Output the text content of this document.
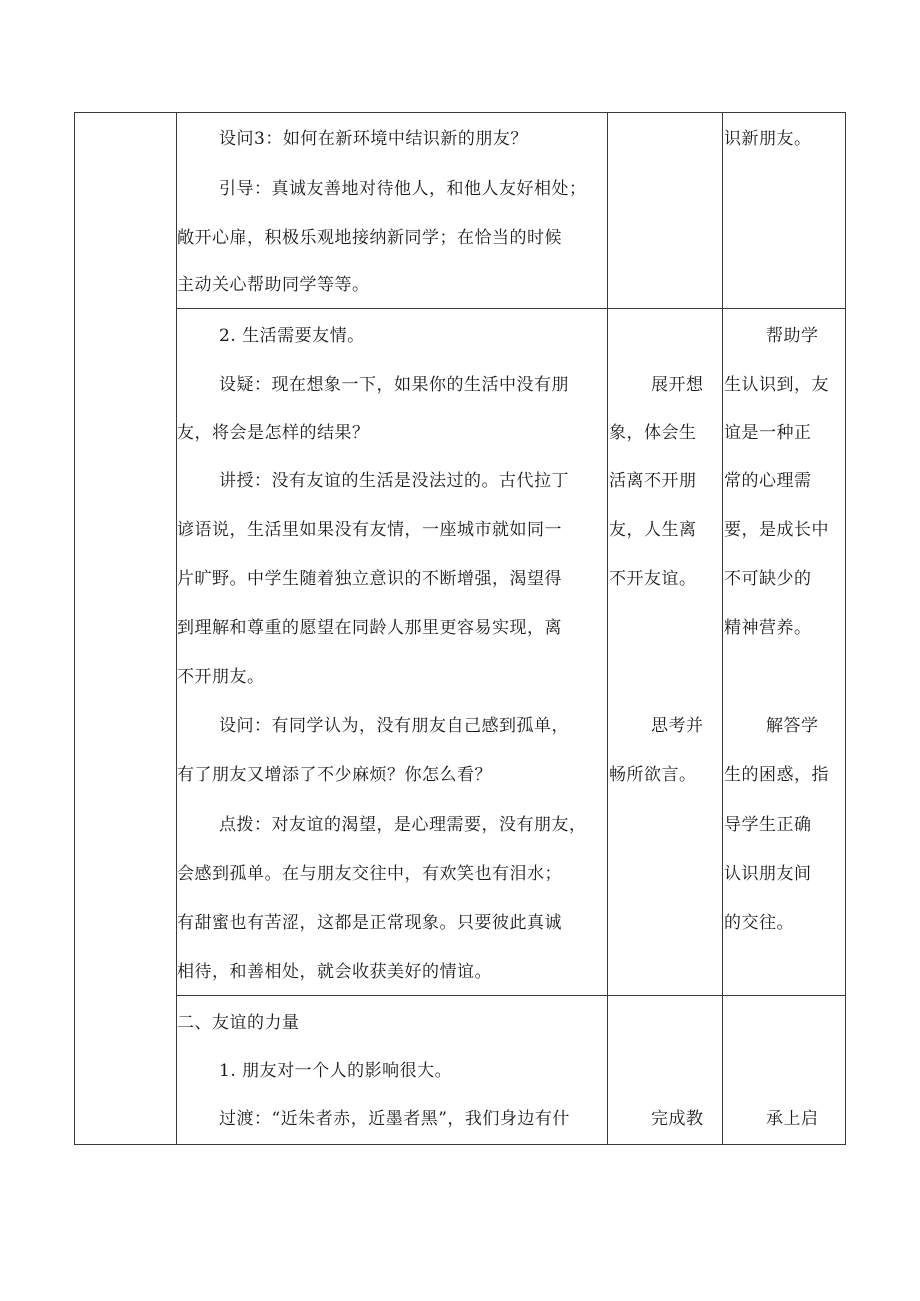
设问3：如何在新环境中结识新的朋友？
引导：真诚友善地对待他人，和他人友好相处；
敞开心扉，积极乐观地接纳新同学；在恰当的时候
主动关心帮助同学等等。
识新朋友。
2. 生活需要友情。
设疑：现在想象一下，如果你的生活中没有朋
友，将会是怎样的结果？
讲授：没有友谊的生活是没法过的。古代拉丁
谚语说，生活里如果没有友情，一座城市就如同一
片旷野。中学生随着独立意识的不断增强，渴望得
到理解和尊重的愿望在同龄人那里更容易实现，离
不开朋友。
设问：有同学认为，没有朋友自己感到孤单，
有了朋友又增添了不少麻烦？你怎么看？
点拨：对友谊的渴望，是心理需要，没有朋友，
会感到孤单。在与朋友交往中，有欢笑也有泪水；
有甜蜜也有苦涩，这都是正常现象。只要彼此真诚
相待，和善相处，就会收获美好的情谊。
展开想
象，体会生
活离不开朋
友，人生离
不开友谊。
思考并
畅所欲言。
帮助学
生认识到，友
谊是一种正
常的心理需
要，是成长中
不可缺少的
精神营养。
解答学
生的困惑，指
导学生正确
认识朋友间
的交往。
二、友谊的力量
1. 朋友对一个人的影响很大。
过渡：“近朱者赤，近墨者黑”，我们身边有什	完成教	承上启
